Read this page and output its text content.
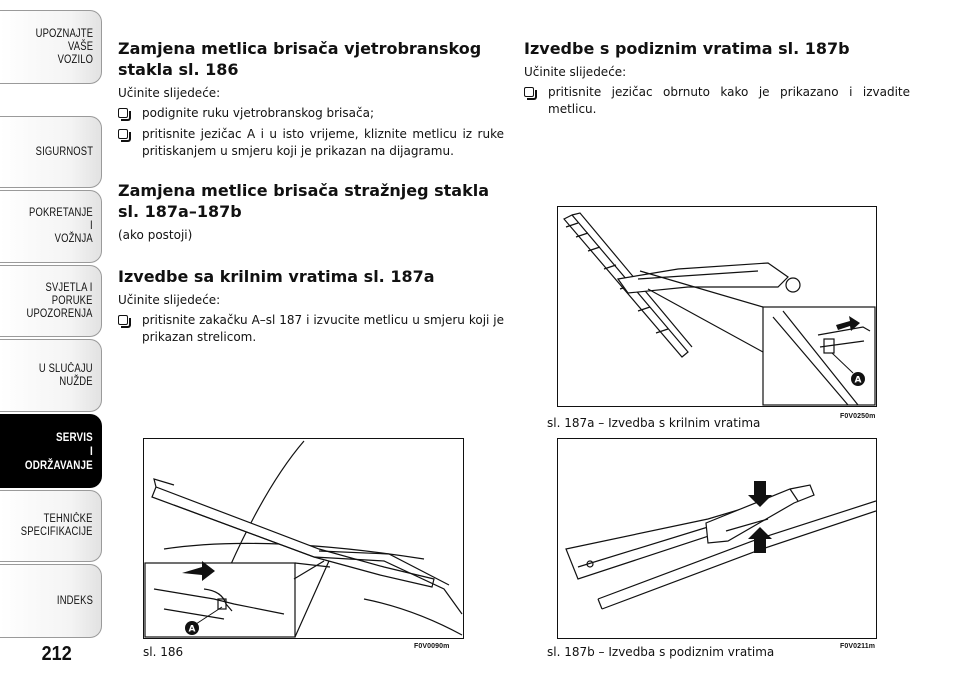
UPOZNAJTE
VAŠE
VOZILO
SIGURNOST
POKRETANJE
I
VOŽNJA
SVJETLA I
PORUKE
UPOZORENJA
U SLUČAJU
NUŽDE
SERVIS
I
ODRŽAVANJE
TEHNIČKE
SPECIFIKACIJE
INDEKS
212
Zamjena metlica brisača vjetrobranskog stakla sl. 186
Učinite slijedeće:
podignite ruku vjetrobranskog brisača;
pritisnite jezičac A i u isto vrijeme, kliznite metlicu iz ruke pritiskanjem u smjeru koji je prikazan na dijagramu.
Zamjena metlice brisača stražnjeg stakla sl. 187a–187b
(ako postoji)
Izvedbe sa krilnim vratima sl. 187a
Učinite slijedeće:
pritisnite zakačku A–sl 187 i izvucite metlicu u smjeru koji je prikazan strelicom.
Izvedbe s podiznim vratima sl. 187b
Učinite slijedeće:
pritisnite jezičac obrnuto kako je prikazano i izvadite metlicu.
A
sl. 186	F0V0090m
A
sl. 187a – Izvedba s krilnim vratima	F0V0250m
sl. 187b – Izvedba s podiznim vratima	F0V0211m
